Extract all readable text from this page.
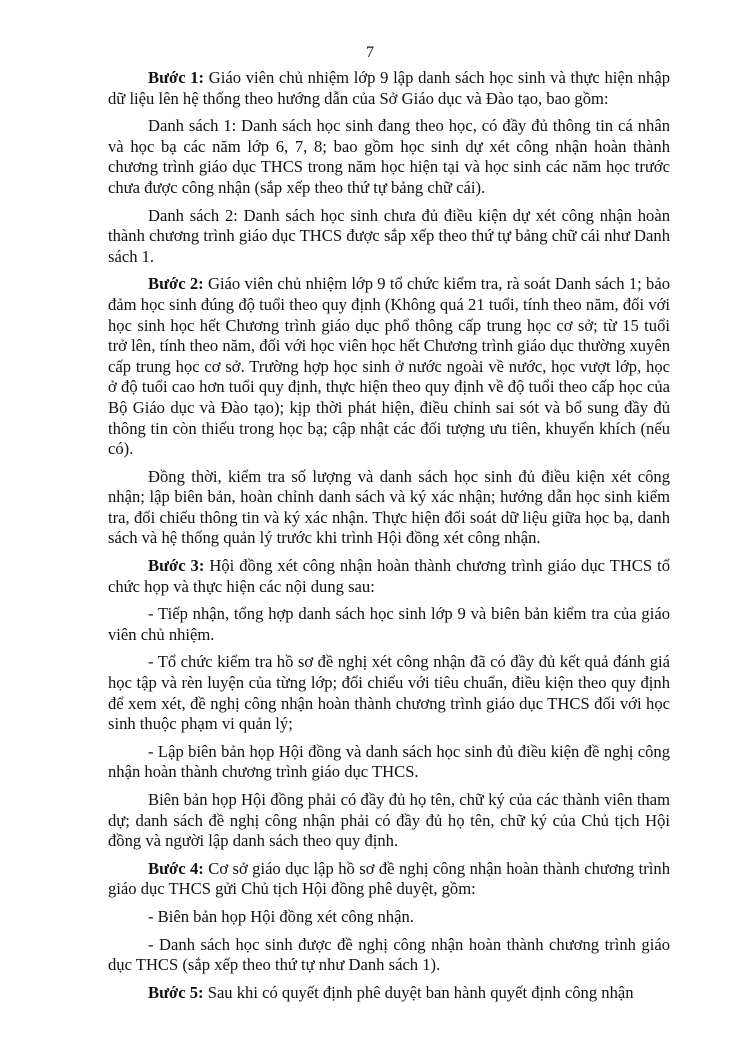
7

Bước 1: Giáo viên chủ nhiệm lớp 9 lập danh sách học sinh và thực hiện nhập dữ liệu lên hệ thống theo hướng dẫn của Sở Giáo dục và Đào tạo, bao gồm:

Danh sách 1: Danh sách học sinh đang theo học, có đầy đủ thông tin cá nhân và học bạ các năm lớp 6, 7, 8; bao gồm học sinh dự xét công nhận hoàn thành chương trình giáo dục THCS trong năm học hiện tại và học sinh các năm học trước chưa được công nhận (sắp xếp theo thứ tự bảng chữ cái).

Danh sách 2: Danh sách học sinh chưa đủ điều kiện dự xét công nhận hoàn thành chương trình giáo dục THCS được sắp xếp theo thứ tự bảng chữ cái như Danh sách 1.

Bước 2: Giáo viên chủ nhiệm lớp 9 tổ chức kiểm tra, rà soát Danh sách 1; bảo đảm học sinh đúng độ tuổi theo quy định (Không quá 21 tuổi, tính theo năm, đối với học sinh học hết Chương trình giáo dục phổ thông cấp trung học cơ sở; từ 15 tuổi trở lên, tính theo năm, đối với học viên học hết Chương trình giáo dục thường xuyên cấp trung học cơ sở. Trường hợp học sinh ở nước ngoài về nước, học vượt lớp, học ở độ tuổi cao hơn tuổi quy định, thực hiện theo quy định về độ tuổi theo cấp học của Bộ Giáo dục và Đào tạo); kịp thời phát hiện, điều chỉnh sai sót và bổ sung đầy đủ thông tin còn thiếu trong học bạ; cập nhật các đối tượng ưu tiên, khuyến khích (nếu có).

Đồng thời, kiểm tra số lượng và danh sách học sinh đủ điều kiện xét công nhận; lập biên bản, hoàn chỉnh danh sách và ký xác nhận; hướng dẫn học sinh kiểm tra, đối chiếu thông tin và ký xác nhận. Thực hiện đối soát dữ liệu giữa học bạ, danh sách và hệ thống quản lý trước khi trình Hội đồng xét công nhận.

Bước 3: Hội đồng xét công nhận hoàn thành chương trình giáo dục THCS tổ chức họp và thực hiện các nội dung sau:

- Tiếp nhận, tổng hợp danh sách học sinh lớp 9 và biên bản kiểm tra của giáo viên chủ nhiệm.

- Tổ chức kiểm tra hồ sơ đề nghị xét công nhận đã có đầy đủ kết quả đánh giá học tập và rèn luyện của từng lớp; đối chiếu với tiêu chuẩn, điều kiện theo quy định để xem xét, đề nghị công nhận hoàn thành chương trình giáo dục THCS đối với học sinh thuộc phạm vi quản lý;

- Lập biên bản họp Hội đồng và danh sách học sinh đủ điều kiện đề nghị công nhận hoàn thành chương trình giáo dục THCS.

Biên bản họp Hội đồng phải có đầy đủ họ tên, chữ ký của các thành viên tham dự; danh sách đề nghị công nhận phải có đầy đủ họ tên, chữ ký của Chủ tịch Hội đồng và người lập danh sách theo quy định.

Bước 4: Cơ sở giáo dục lập hồ sơ đề nghị công nhận hoàn thành chương trình giáo dục THCS gửi Chủ tịch Hội đồng phê duyệt, gồm:

- Biên bản họp Hội đồng xét công nhận.

- Danh sách học sinh được đề nghị công nhận hoàn thành chương trình giáo dục THCS (sắp xếp theo thứ tự như Danh sách 1).

Bước 5: Sau khi có quyết định phê duyệt ban hành quyết định công nhận
